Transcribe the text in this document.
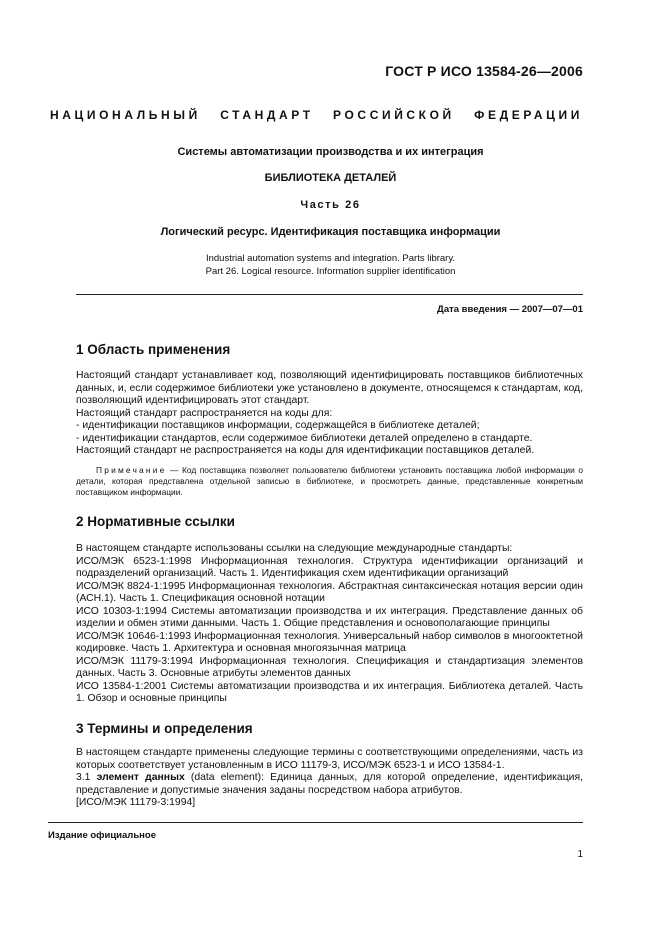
ГОСТ Р ИСО 13584-26—2006
НАЦИОНАЛЬНЫЙ СТАНДАРТ РОССИЙСКОЙ ФЕДЕРАЦИИ
Системы автоматизации производства и их интеграция
БИБЛИОТЕКА ДЕТАЛЕЙ
Часть 26
Логический ресурс. Идентификация поставщика информации
Industrial automation systems and integration. Parts library.
Part 26. Logical resource. Information supplier identification
Дата введения — 2007—07—01
1 Область применения

Настоящий стандарт устанавливает код, позволяющий идентифицировать поставщиков библиотечных данных, и, если содержимое библиотеки уже установлено в документе, относящемся к стандартам, код, позволяющий идентифицировать этот стандарт.

Настоящий стандарт распространяется на коды для:

- идентификации поставщиков информации, содержащейся в библиотеке деталей;

- идентификации стандартов, если содержимое библиотеки деталей определено в стандарте.

Настоящий стандарт не распространяется на коды для идентификации поставщиков деталей.

Примечание — Код поставщика позволяет пользователю библиотеки установить поставщика любой информации о детали, которая представлена отдельной записью в библиотеке, и просмотреть данные, представленные конкретным поставщиком информации.
2 Нормативные ссылки

В настоящем стандарте использованы ссылки на следующие международные стандарты:

ИСО/МЭК 6523-1:1998 Информационная технология. Структура идентификации организаций и подразделений организаций. Часть 1. Идентификация схем идентификации организаций

ИСО/МЭК 8824-1:1995 Информационная технология. Абстрактная синтаксическая нотация версии один (АСН.1). Часть 1. Спецификация основной нотации

ИСО 10303-1:1994 Системы автоматизации производства и их интеграция. Представление данных об изделии и обмен этими данными. Часть 1. Общие представления и основополагающие принципы

ИСО/МЭК 10646-1:1993 Информационная технология. Универсальный набор символов в многооктетной кодировке. Часть 1. Архитектура и основная многоязычная матрица

ИСО/МЭК 11179-3:1994 Информационная технология. Спецификация и стандартизация элементов данных. Часть 3. Основные атрибуты элементов данных

ИСО 13584-1:2001 Системы автоматизации производства и их интеграция. Библиотека деталей. Часть 1. Обзор и основные принципы

3 Термины и определения

В настоящем стандарте применены следующие термины с соответствующими определениями, часть из которых соответствует установленным в ИСО 11179-3, ИСО/МЭК 6523-1 и ИСО 13584-1.

3.1 элемент данных (data element): Единица данных, для которой определение, идентификация, представление и допустимые значения заданы посредством набора атрибутов.

[ИСО/МЭК 11179-3:1994]

Издание официальное
1
